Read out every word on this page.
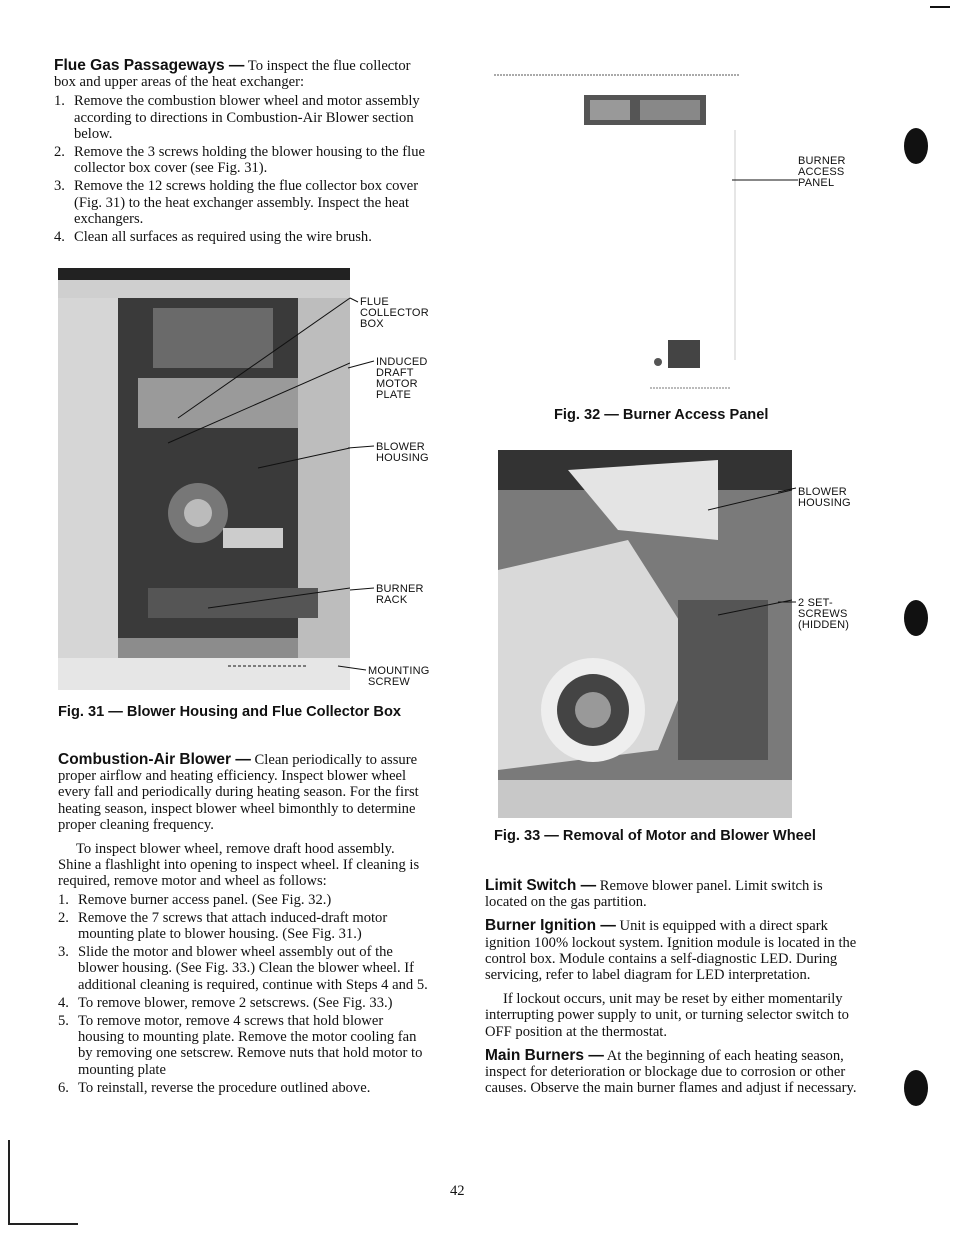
Flue Gas Passageways — To inspect the flue collector box and upper areas of the heat exchanger:
1. Remove the combustion blower wheel and motor assembly according to directions in Combustion-Air Blower section below.
2. Remove the 3 screws holding the blower housing to the flue collector box cover (see Fig. 31).
3. Remove the 12 screws holding the flue collector box cover (Fig. 31) to the heat exchanger assembly. Inspect the heat exchangers.
4. Clean all surfaces as required using the wire brush.
FLUE COLLECTOR BOX
INDUCED DRAFT MOTOR PLATE
BLOWER HOUSING
BURNER RACK
MOUNTING SCREW
Fig. 31 — Blower Housing and Flue Collector Box
Combustion-Air Blower — Clean periodically to assure proper airflow and heating efficiency. Inspect blower wheel every fall and periodically during heating season. For the first heating season, inspect blower wheel bimonthly to determine proper cleaning frequency.
To inspect blower wheel, remove draft hood assembly. Shine a flashlight into opening to inspect wheel. If cleaning is required, remove motor and wheel as follows:
1. Remove burner access panel. (See Fig. 32.)
2. Remove the 7 screws that attach induced-draft motor mounting plate to blower housing. (See Fig. 31.)
3. Slide the motor and blower wheel assembly out of the blower housing. (See Fig. 33.) Clean the blower wheel. If additional cleaning is required, continue with Steps 4 and 5.
4. To remove blower, remove 2 setscrews. (See Fig. 33.)
5. To remove motor, remove 4 screws that hold blower housing to mounting plate. Remove the motor cooling fan by removing one setscrew. Remove nuts that hold motor to mounting plate
6. To reinstall, reverse the procedure outlined above.
BURNER ACCESS PANEL
Fig. 32 — Burner Access Panel
BLOWER HOUSING
2 SET-SCREWS (HIDDEN)
Fig. 33 — Removal of Motor and Blower Wheel
Limit Switch — Remove blower panel. Limit switch is located on the gas partition.
Burner Ignition — Unit is equipped with a direct spark ignition 100% lockout system. Ignition module is located in the control box. Module contains a self-diagnostic LED. During servicing, refer to label diagram for LED interpretation.
If lockout occurs, unit may be reset by either momentarily interrupting power supply to unit, or turning selector switch to OFF position at the thermostat.
Main Burners — At the beginning of each heating season, inspect for deterioration or blockage due to corrosion or other causes. Observe the main burner flames and adjust if necessary.
42
